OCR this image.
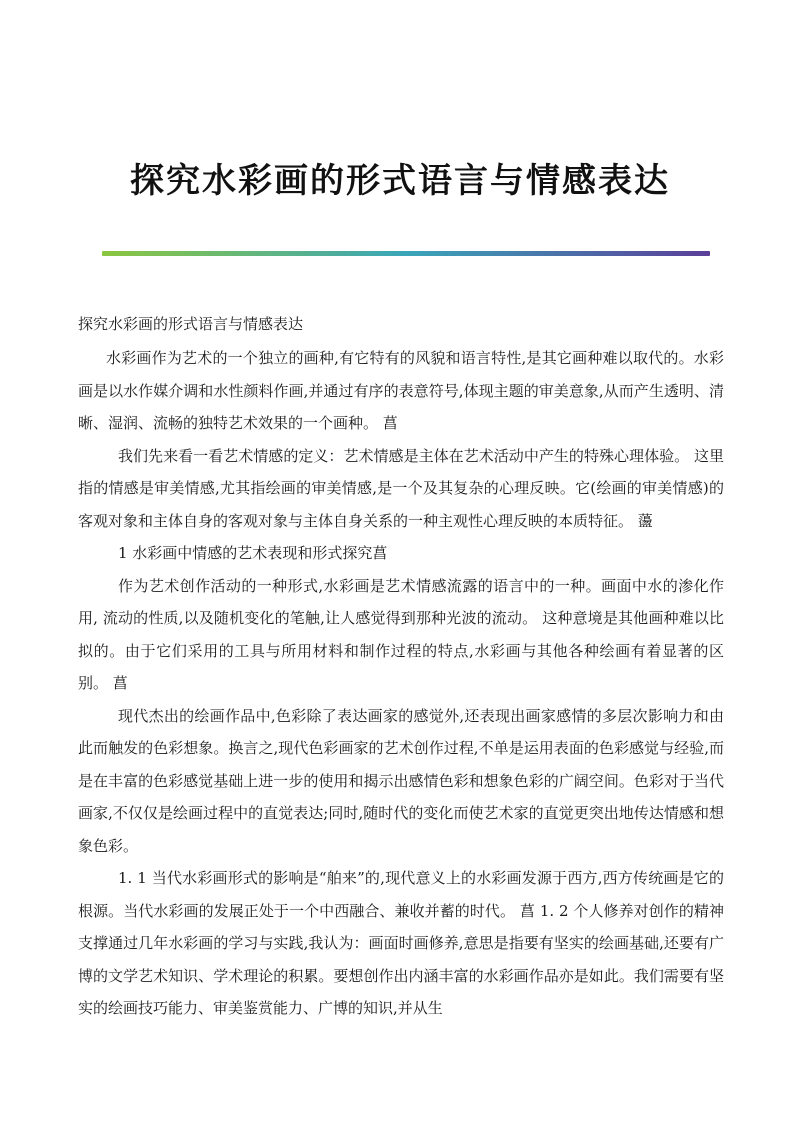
探究水彩画的形式语言与情感表达

探究水彩画的形式语言与情感表达

水彩画作为艺术的一个独立的画种,有它特有的风貌和语言特性,是其它画种难以取代的。水彩画是以水作媒介调和水性颜料作画,并通过有序的表意符号,体现主题的审美意象,从而产生透明、清晰、湿润、流畅的独特艺术效果的一个画种。 菖

我们先来看一看艺术情感的定义：艺术情感是主体在艺术活动中产生的特殊心理体验。 这里指的情感是审美情感,尤其指绘画的审美情感,是一个及其复杂的心理反映。它(绘画的审美情感)的客观对象和主体自身的客观对象与主体自身关系的一种主观性心理反映的本质特征。 蘯

1 水彩画中情感的艺术表现和形式探究菖

作为艺术创作活动的一种形式,水彩画是艺术情感流露的语言中的一种。画面中水的渗化作用, 流动的性质,以及随机变化的笔触,让人感觉得到那种光波的流动。 这种意境是其他画种难以比拟的。由于它们采用的工具与所用材料和制作过程的特点,水彩画与其他各种绘画有着显著的区别。 菖

现代杰出的绘画作品中,色彩除了表达画家的感觉外,还表现出画家感情的多层次影响力和由此而触发的色彩想象。换言之,现代色彩画家的艺术创作过程,不单是运用表面的色彩感觉与经验,而是在丰富的色彩感觉基础上进一步的使用和揭示出感情色彩和想象色彩的广阔空间。色彩对于当代画家,不仅仅是绘画过程中的直觉表达;同时,随时代的变化而使艺术家的直觉更突出地传达情感和想象色彩。

1. 1 当代水彩画形式的影响是“舶来”的,现代意义上的水彩画发源于西方,西方传统画是它的根源。当代水彩画的发展正处于一个中西融合、兼收并蓄的时代。 菖 1. 2 个人修养对创作的精神支撑通过几年水彩画的学习与实践,我认为：画面时画修养,意思是指要有坚实的绘画基础,还要有广博的文学艺术知识、学术理论的积累。要想创作出内涵丰富的水彩画作品亦是如此。我们需要有坚实的绘画技巧能力、审美鉴赏能力、广博的知识,并从生
